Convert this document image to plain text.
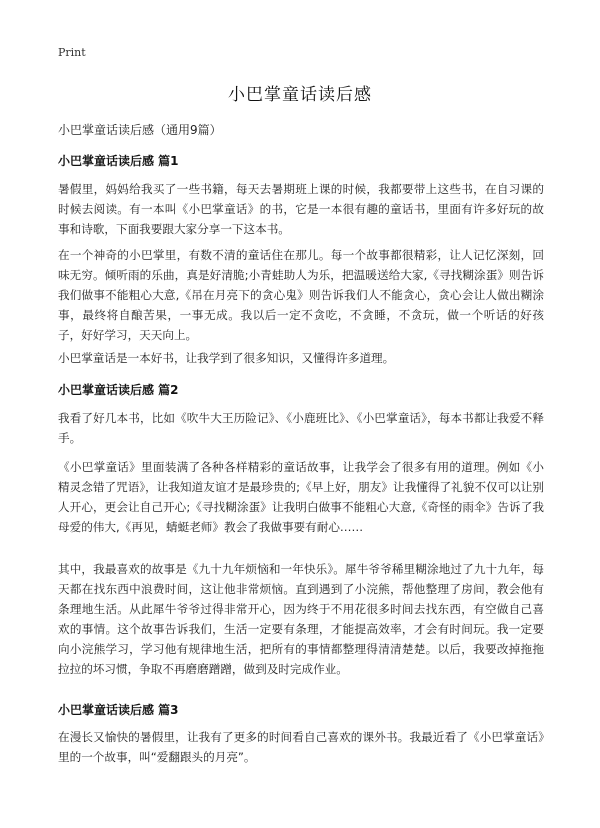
Print
小巴掌童话读后感
小巴掌童话读后感（通用9篇）
小巴掌童话读后感 篇1

暑假里，妈妈给我买了一些书籍，每天去暑期班上课的时候，我都要带上这些书，在自习课的时候去阅读。有一本叫《小巴掌童话》的书，它是一本很有趣的童话书，里面有许多好玩的故事和诗歌，下面我要跟大家分享一下这本书。

在一个神奇的小巴掌里，有数不清的童话住在那儿。每一个故事都很精彩，让人记忆深刻，回味无穷。倾听雨的乐曲，真是好清脆;小青蛙助人为乐，把温暖送给大家,《寻找糊涂蛋》则告诉我们做事不能粗心大意,《吊在月亮下的贪心鬼》则告诉我们人不能贪心，贪心会让人做出糊涂事，最终将自酿苦果，一事无成。我以后一定不贪吃，不贪睡，不贪玩，做一个听话的好孩子，好好学习，天天向上。

小巴掌童话是一本好书，让我学到了很多知识，又懂得许多道理。

小巴掌童话读后感 篇2

我看了好几本书，比如《吹牛大王历险记》、《小鹿班比》、《小巴掌童话》，每本书都让我爱不释手。

《小巴掌童话》里面装满了各种各样精彩的童话故事，让我学会了很多有用的道理。例如《小精灵念错了咒语》，让我知道友谊才是最珍贵的;《早上好，朋友》让我懂得了礼貌不仅可以让别人开心，更会让自己开心;《寻找糊涂蛋》让我明白做事不能粗心大意,《奇怪的雨伞》告诉了我母爱的伟大,《再见，蜻蜓老师》教会了我做事要有耐心……

其中，我最喜欢的故事是《九十九年烦恼和一年快乐》。犀牛爷爷稀里糊涂地过了九十九年，每天都在找东西中浪费时间，这让他非常烦恼。直到遇到了小浣熊，帮他整理了房间，教会他有条理地生活。从此犀牛爷爷过得非常开心，因为终于不用花很多时间去找东西，有空做自己喜欢的事情。这个故事告诉我们，生活一定要有条理，才能提高效率，才会有时间玩。我一定要向小浣熊学习，学习他有规律地生活，把所有的事情都整理得清清楚楚。以后，我要改掉拖拖拉拉的坏习惯，争取不再磨磨蹭蹭，做到及时完成作业。

小巴掌童话读后感 篇3

在漫长又愉快的暑假里，让我有了更多的时间看自己喜欢的课外书。我最近看了《小巴掌童话》里的一个故事，叫“爱翻跟头的月亮”。
